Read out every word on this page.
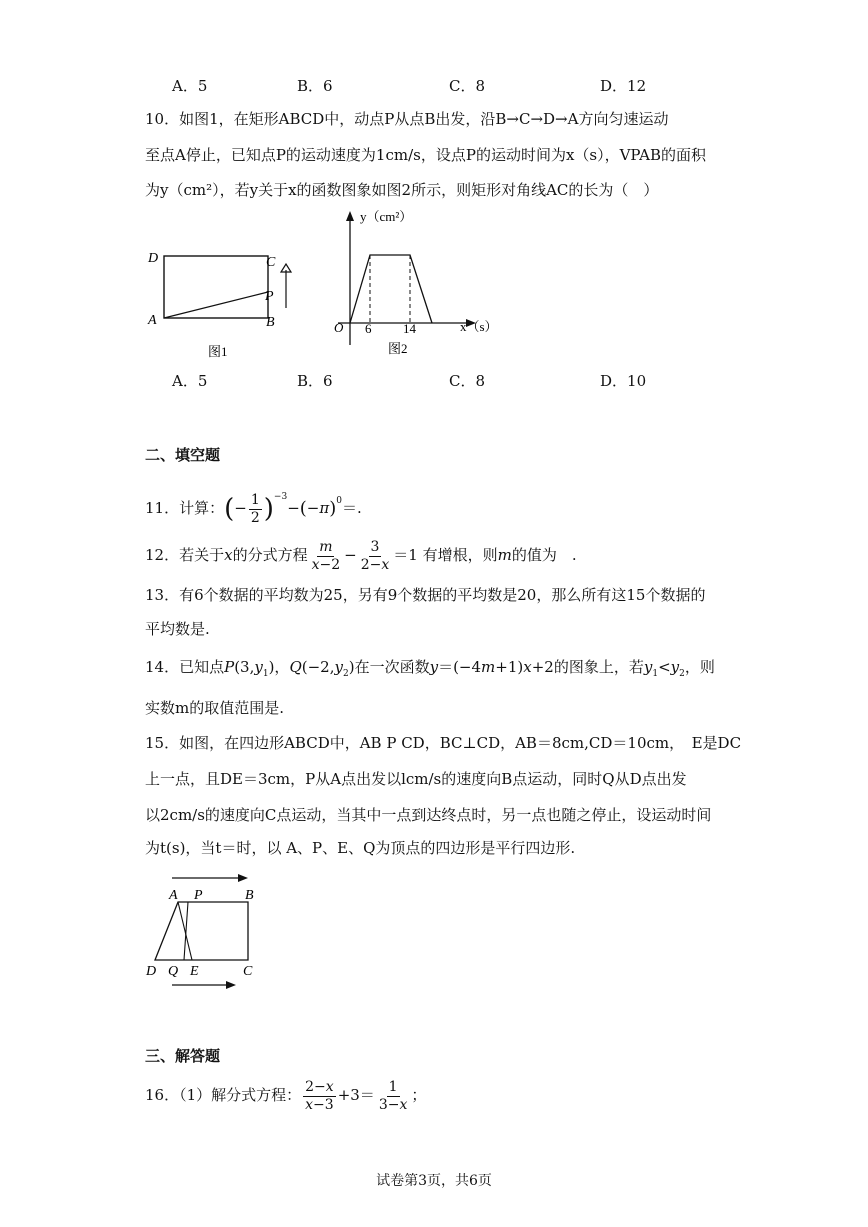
A．5	B．6	C．8	D．12
10．如图1，在矩形ABCD中，动点P从点B出发，沿B→C→D→A方向匀速运动
至点A停止，已知点P的运动速度为1cm/s，设点P的运动时间为x（s），VPAB的面积
为y（cm²），若y关于x的函数图象如图2所示，则矩形对角线AC的长为（　）
D	C
A	B
P
图1
y（cm²）
x（s）
O 6 14
图2
A．5	B．6	C．8	D．10
二、填空题
11．计算：(− $\frac{1}{2} )^{-3}-(-\pi)^0=$.
12．若关于x的分式方程 $\frac{m}{x-2} - \frac{3}{2-x} =1$ 有增根，则m的值为　.
13．有6个数据的平均数为25，另有9个数据的平均数是20，那么所有这15个数据的
平均数是.
14．已知点$P(3,y_1)$，$Q(-2,y_2)$在一次函数y＝(−4m+1)x+2的图象上，若$y_1<y_2$，则
实数m的取值范围是.
15．如图，在四边形ABCD中，AB P CD，BC⊥CD，AB＝8cm,CD＝10cm，　E是DC
上一点，且DE＝3cm，P从A点出发以lcm/s的速度向B点运动，同时Q从D点出发
以2cm/s的速度向C点运动，当其中一点到达终点时，另一点也随之停止，设运动时间
为t(s)，当t＝时，以 A、P、E、Q为顶点的四边形是平行四边形.
A P	B
D Q E	C
三、解答题
16．（1）解分式方程： $\frac{2-x}{x-3} +3= \frac{1}{3-x}$ ；
试卷第3页，共6页
